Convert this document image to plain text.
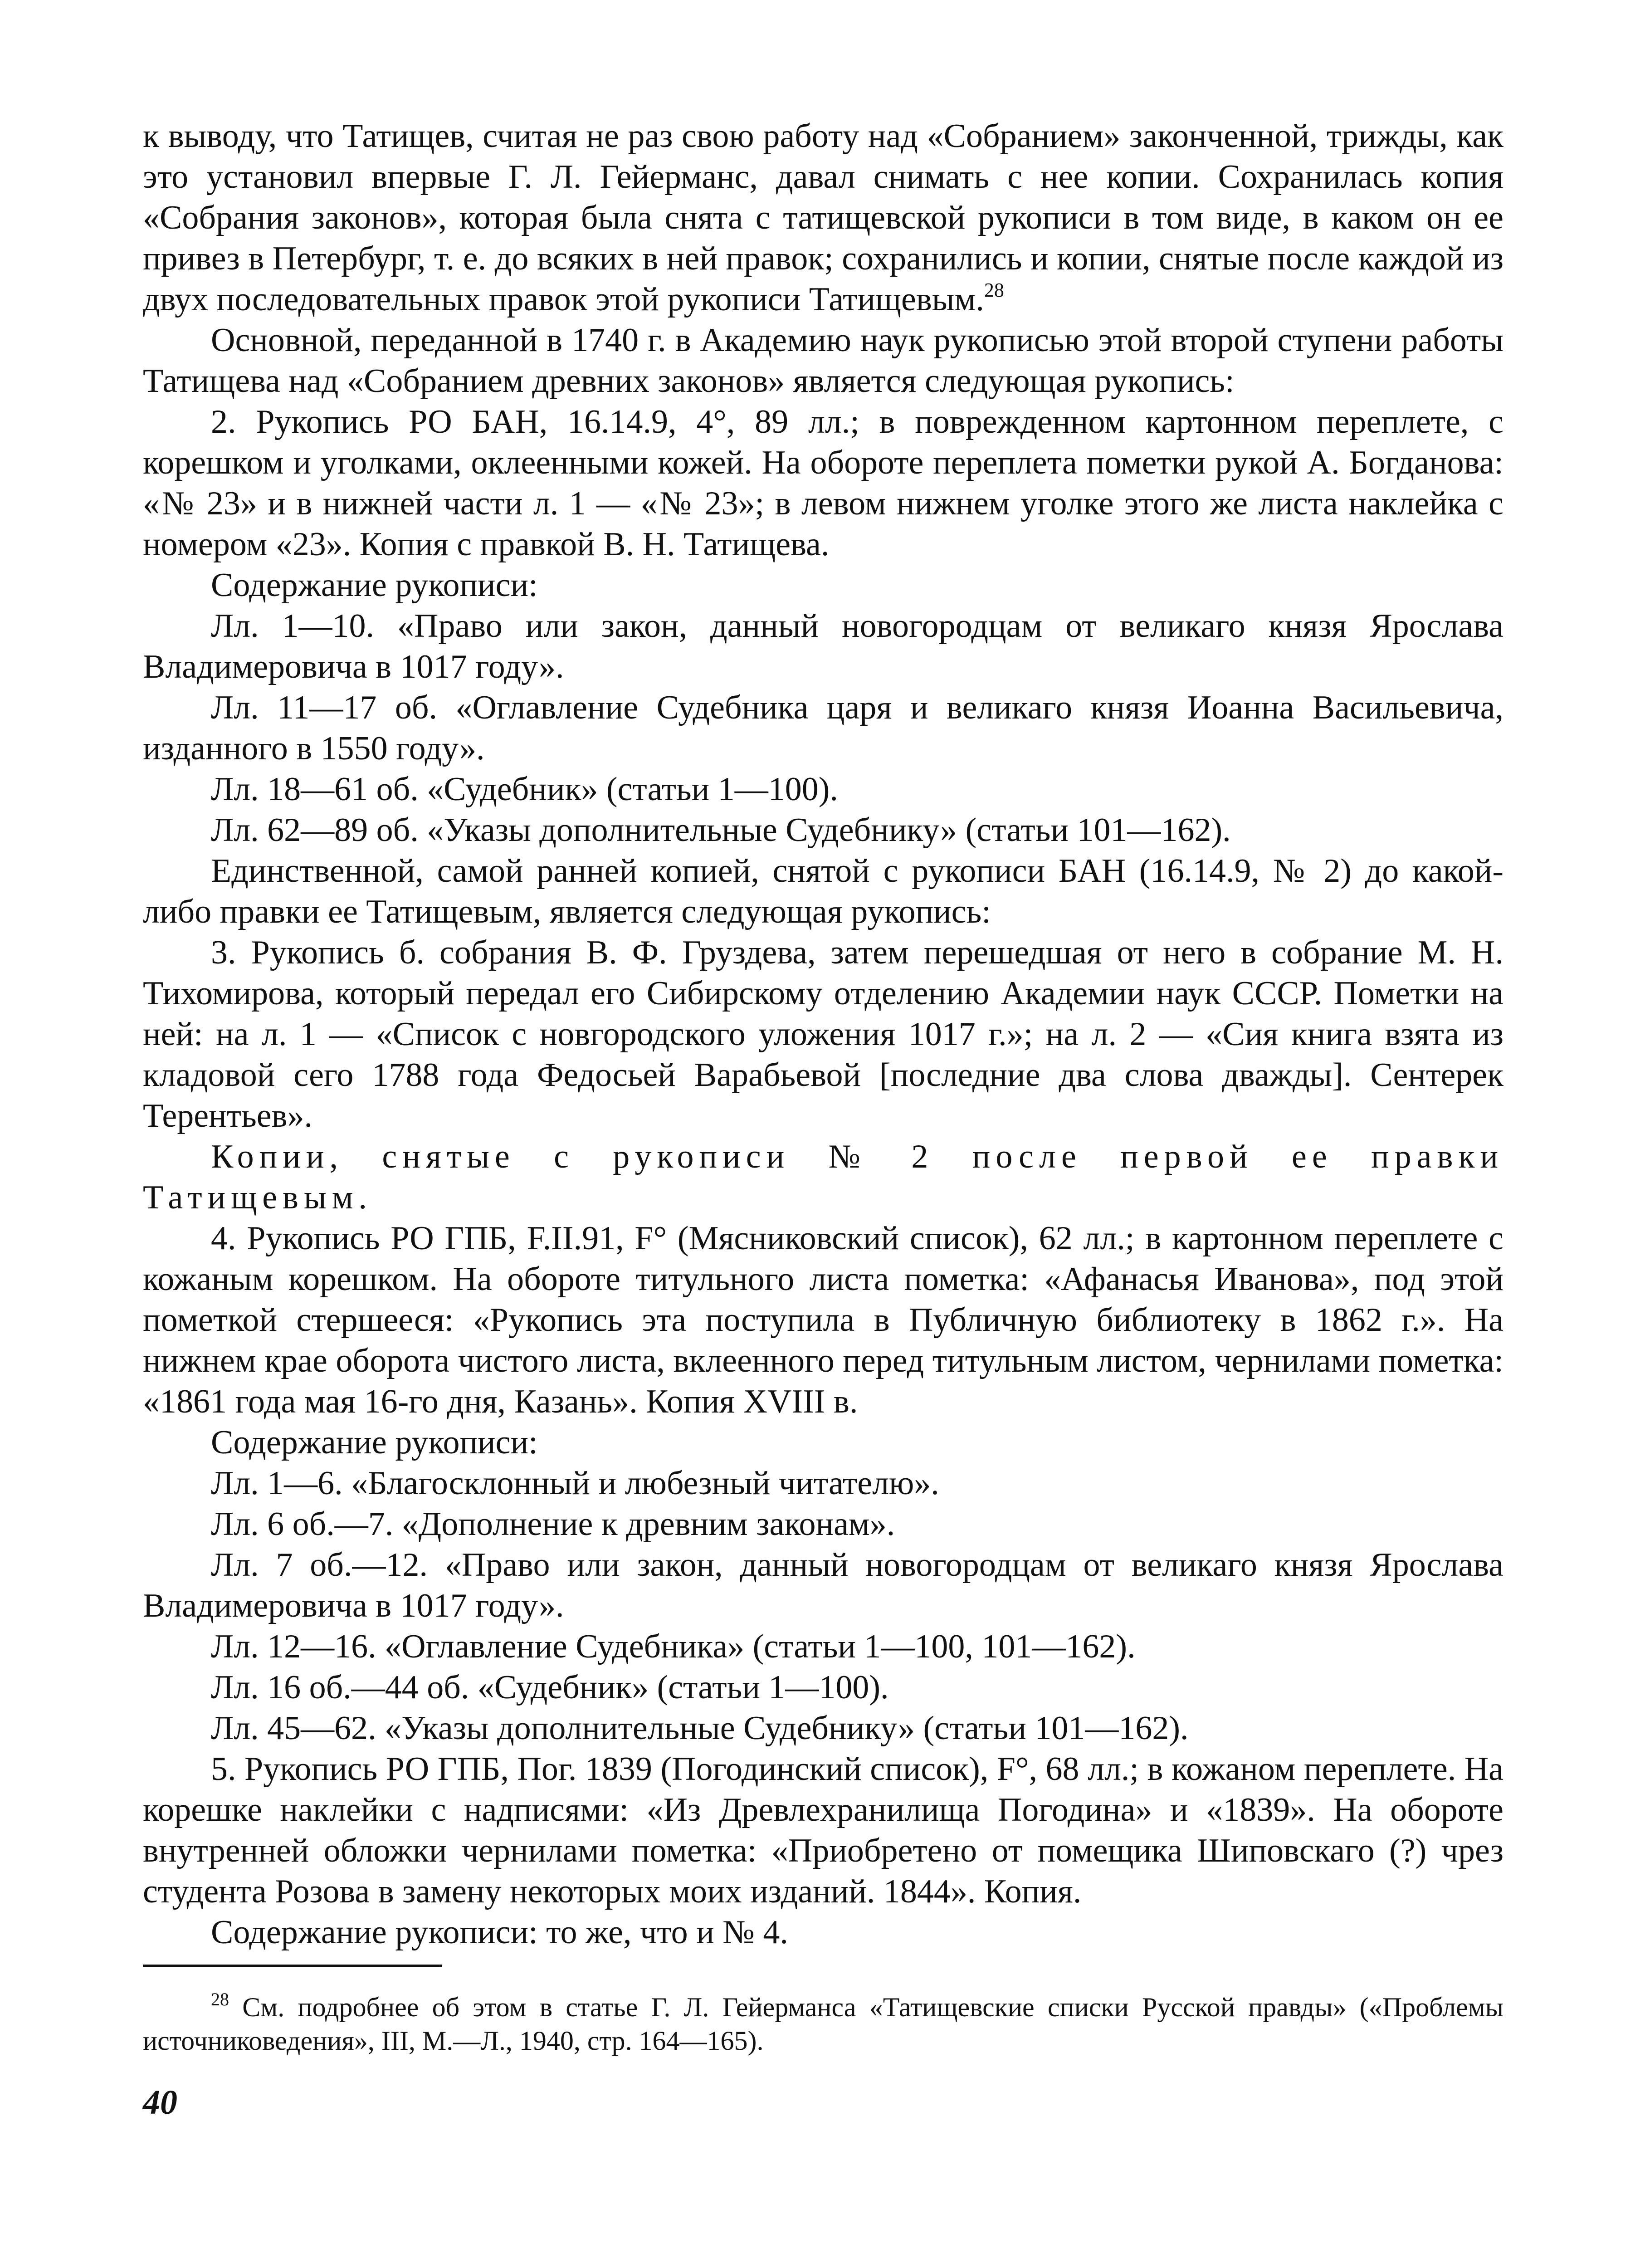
к выводу, что Татищев, считая не раз свою работу над «Собранием» законченной, трижды, как это установил впервые Г. Л. Гейерманс, давал снимать с нее копии. Сохранилась копия «Собрания законов», которая была снята с татищевской рукописи в том виде, в каком он ее привез в Петербург, т. е. до всяких в ней правок; сохранились и копии, снятые после каждой из двух последовательных правок этой рукописи Татищевым.$^{28}$

Основной, переданной в 1740 г. в Академию наук рукописью этой второй ступени работы Татищева над «Собранием древних законов» является следующая рукопись:

2. Рукопись РО БАН, 16.14.9, 4°, 89 лл.; в поврежденном картонном переплете, с корешком и уголками, оклеенными кожей. На обороте переплета пометки рукой А. Богданова: «№ 23» и в нижней части л. 1 — «№ 23»; в левом нижнем уголке этого же листа наклейка с номером «23». Копия с правкой В. Н. Татищева.

Содержание рукописи:

Лл. 1—10. «Право или закон, данный новогородцам от великаго князя Ярослава Владимеровича в 1017 году».

Лл. 11—17 об. «Оглавление Судебника царя и великаго князя Иоанна Васильевича, изданного в 1550 году».

Лл. 18—61 об. «Судебник» (статьи 1—100).

Лл. 62—89 об. «Указы дополнительные Судебнику» (статьи 101—162).

Единственной, самой ранней копией, снятой с рукописи БАН (16.14.9, № 2) до какой-либо правки ее Татищевым, является следующая рукопись:

3. Рукопись б. собрания В. Ф. Груздева, затем перешедшая от него в собрание М. Н. Тихомирова, который передал его Сибирскому отделению Академии наук СССР. Пометки на ней: на л. 1 — «Список с новгородского уложения 1017 г.»; на л. 2 — «Сия книга взята из кладовой сего 1788 года Федосьей Варабьевой [последние два слова дважды]. Сентерек Терентьев».

Копии, снятые с рукописи № 2 после первой ее правки Татищевым.

4. Рукопись РО ГПБ, F.II.91, F° (Мясниковский список), 62 лл.; в картонном переплете с кожаным корешком. На обороте титульного листа пометка: «Афанасья Иванова», под этой пометкой стершееся: «Рукопись эта поступила в Публичную библиотеку в 1862 г.». На нижнем крае оборота чистого листа, вклеенного перед титульным листом, чернилами пометка: «1861 года мая 16-го дня, Казань». Копия XVIII в.

Содержание рукописи:

Лл. 1—6. «Благосклонный и любезный читателю».

Лл. 6 об.—7. «Дополнение к древним законам».

Лл. 7 об.—12. «Право или закон, данный новогородцам от великаго князя Ярослава Владимеровича в 1017 году».

Лл. 12—16. «Оглавление Судебника» (статьи 1—100, 101—162).

Лл. 16 об.—44 об. «Судебник» (статьи 1—100).

Лл. 45—62. «Указы дополнительные Судебнику» (статьи 101—162).

5. Рукопись РО ГПБ, Пог. 1839 (Погодинский список), F°, 68 лл.; в кожаном переплете. На корешке наклейки с надписями: «Из Древлехранилища Погодина» и «1839». На обороте внутренней обложки чернилами пометка: «Приобретено от помещика Шиповскаго (?) чрез студента Розова в замену некоторых моих изданий. 1844». Копия.

Содержание рукописи: то же, что и № 4.

$^{28}$ См. подробнее об этом в статье Г. Л. Гейерманса «Татищевские списки Русской правды» («Проблемы источниковедения», III, М.—Л., 1940, стр. 164—165).

40
